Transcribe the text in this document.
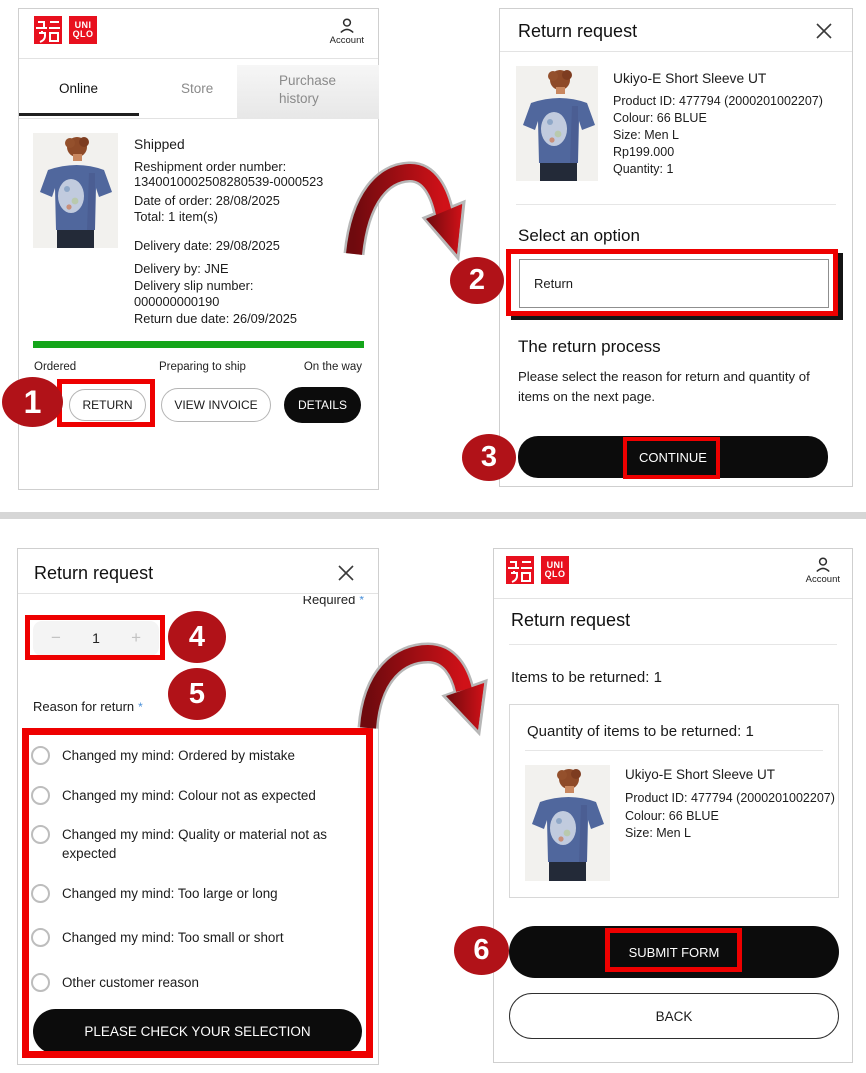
UNI
QLO
Account
Purchase
history
Online	Store
Shipped
Reshipment order number:
1340010002508280539-0000523
Date of order: 28/08/2025
Total: 1 item(s)
Delivery date: 29/08/2025
Delivery by: JNE
Delivery slip number:
000000000190
Return due date: 26/09/2025
Ordered	Preparing to ship	On the way
RETURN	VIEW INVOICE	DETAILS
Return request
Ukiyo-E Short Sleeve UT
Product ID: 477794 (2000201002207)
Colour: 66 BLUE
Size: Men L
Rp199.000
Quantity: 1
Select an option
Return
The return process
Please select the reason for return and quantity of
items on the next page.
CONTINUE
Return request
Required *
−	1	+
Reason for return *
Changed my mind: Ordered by mistake
Changed my mind: Colour not as expected
Changed my mind: Quality or material not as expected
Changed my mind: Too large or long
Changed my mind: Too small or short
Other customer reason
PLEASE CHECK YOUR SELECTION
UNI
QLO	Account
Return request
Items to be returned: 1
Quantity of items to be returned: 1
Ukiyo-E Short Sleeve UT
Product ID: 477794 (2000201002207)
Colour: 66 BLUE
Size: Men L
SUBMIT FORM
BACK
1
2
3
4
5
6
